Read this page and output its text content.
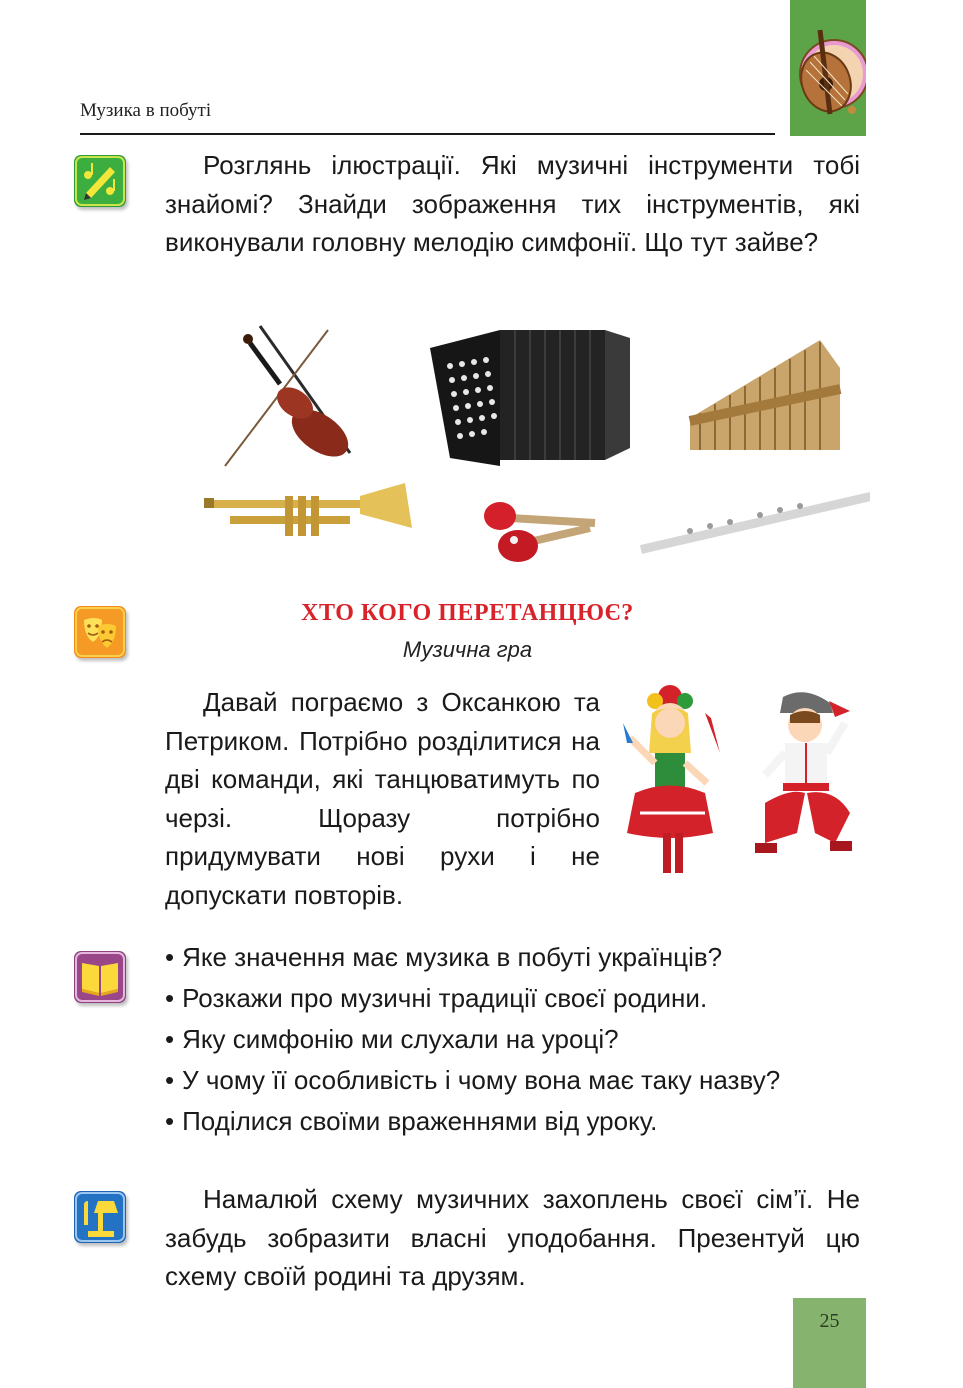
Музика в побуті

Розглянь ілюстрації. Які музичні інструменти тобі знайомі? Знайди зображення тих інструментів, які виконували головну мелодію симфонії. Що тут зайве?

ХТО КОГО ПЕРЕТАНЦЮЄ?
Музична гра

Давай пограємо з Оксанкою та Петриком. Потрібно розділитися на дві команди, які танцюватимуть по черзі. Щоразу потрібно придумувати нові рухи і не допускати повторів.

• Яке значення має музика в побуті українців?
• Розкажи про музичні традиції своєї родини.
• Яку симфонію ми слухали на уроці?
• У чому її особливість і чому вона має таку назву?
• Поділися своїми враженнями від уроку.

Намалюй схему музичних захоплень своєї сім’ї. Не забудь зобразити власні уподобання. Презентуй цю схему своїй родині та друзям.

25
